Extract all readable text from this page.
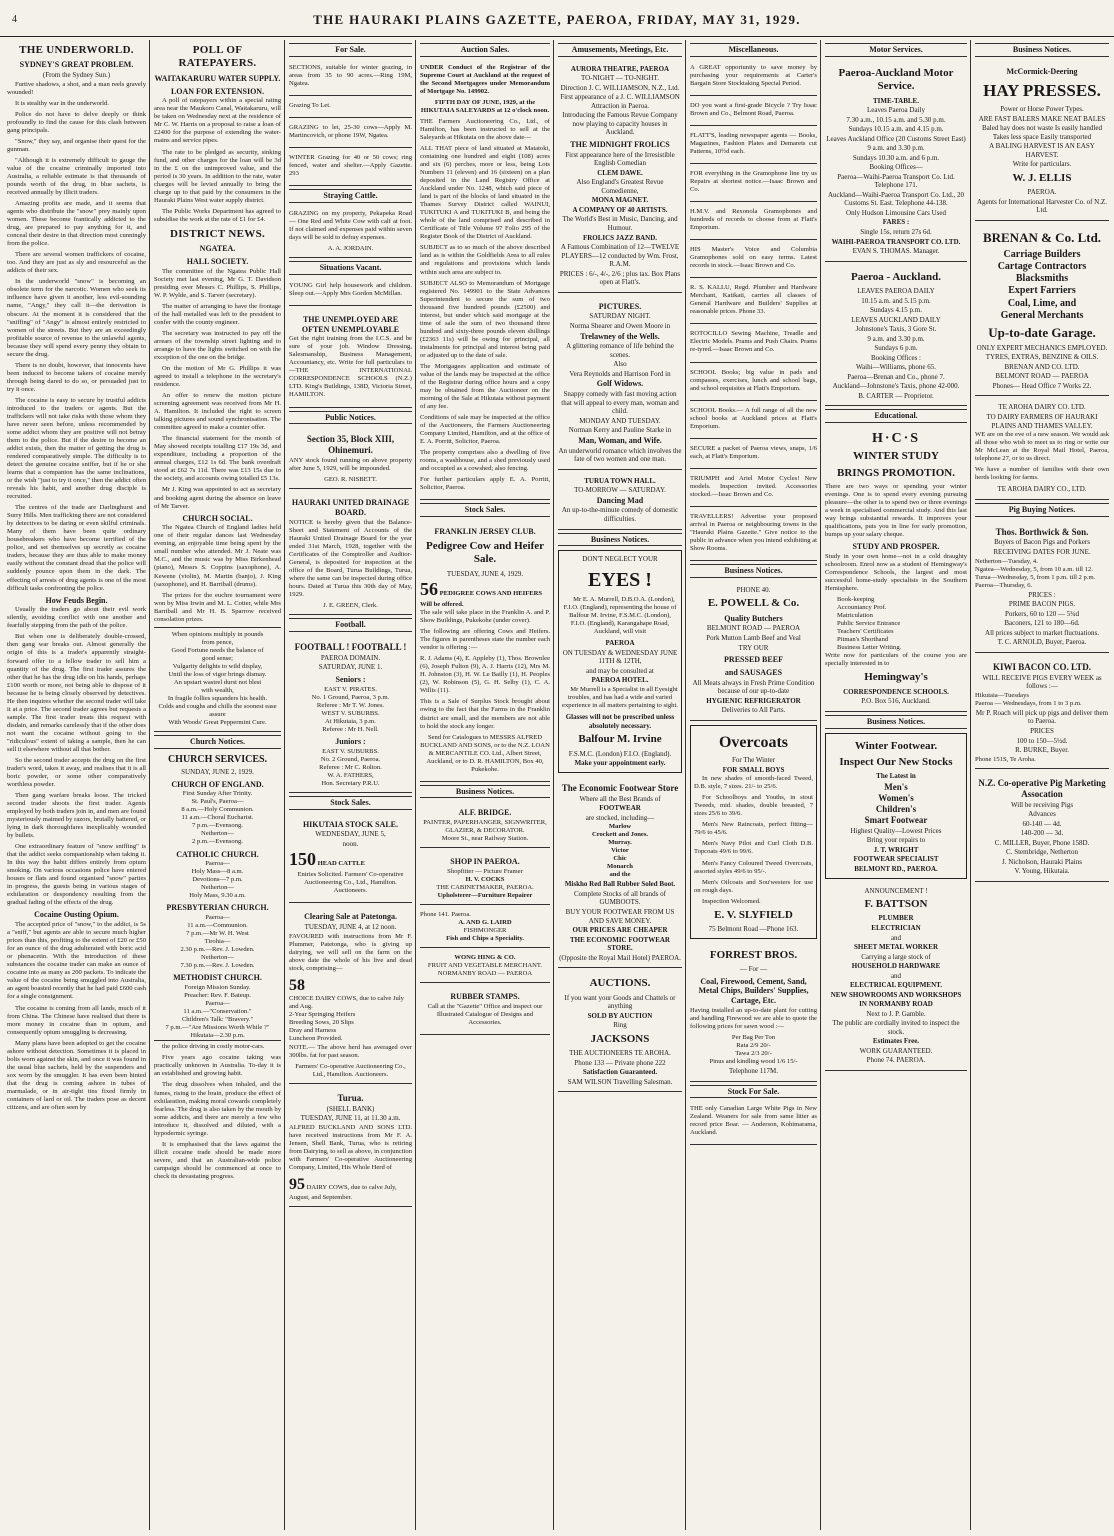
4	THE HAURAKI PLAINS GAZETTE, PAEROA, FRIDAY, MAY 31, 1929.
THE UNDERWORLD.
SYDNEY'S GREAT PROBLEM.
(From the Sydney Sun.)

Furtive shadows, a shot, and a man reels gravely wounded!

It is stealthy war in the underworld.

Police do not have to delve deeply or think profoundly to find the cause for this clash between gang principals.

"Snow," they say, and organise their quest for the gunman.

"Although it is extremely difficult to gauge the value of the cocaine criminally imported into Australia, a reliable estimate is that thousands of pounds worth of the drug, in blue sachets, is received annually by illicit traders.

Amazing profits are made, and it seems that agents who distribute the "snow" prey mainly upon women. These become frantically addicted to the drug, are prepared to pay anything for it, and conceal their desire in that direction most cunningly from the police.

There are several women traffickers of cocaine, too. And they are just as sly and resourceful as the addicts of their sex.

In the underworld "snow" is becoming an obsolete term for the narcotic. Women who seek its influence have given it another, less evil-sounding name, "Angy," they call it—the derivation is obscure. At the moment it is considered that the "sniffing" of "Angy" is almost entirely restricted to women of the streets. But they are an exceedingly profitable source of revenue to the unlawful agents, because they will spend every penny they obtain to secure the drug.

There is no doubt, however, that innocents have been induced to become takers of cocaine merely through being dared to do so, or persuaded just to try it once.

The cocaine is easy to secure by trustful addicts introduced to the traders or agents. But the traffickers will not take risks with those whom they have never seen before, unless recommended by some addict whom they are positive will not betray them to the police. But if the desire to become an addict exists, then the matter of getting the drug is rendered comparatively simple. The difficulty is to detect the genuine cocaine sniffer, but if he or she learns that a companion has the same inclinations, or the wish "just to try it once," then the addict often reveals his habit, and another drug disciple is recruited.

The centres of the trade are Darlinghurst and Surry Hills. Men trafficking there are not considered by detectives to be daring or even skilful criminals. Many of them have been quite ordinary housebreakers who have become terrified of the police, and set themselves up secretly as cocaine traders, because they are thus able to make money easily without the constant dread that the police will suddenly pounce upon them in the dark. The effecting of arrests of drug agents is one of the most difficult tasks confronting the police.

How Feuds Begin.

Usually the traders go about their evil work silently, avoiding conflict with one another and fearfully stepping from the path of the police.

But when one is deliberately double-crossed, then gang war breaks out. Almost generally the origin of this is a trader's apparently straight-forward offer to a fellow trader to sell him a quantity of the drug. The first trader assures the other that he has the drug idle on his hands, perhaps £100 worth or more, not being able to dispose of it because he is being closely observed by detectives. He then inquires whether the second trader will take it at a price. The second trader agrees but requests a sample. The first trader treats this request with disdain, and remarks carelessly that if the other does not want the cocaine without going to the "ridiculous" extent of taking a sample, then he can sell it elsewhere without all that bother.

So the second trader accepts the drug on the first trader's word, takes it away, and realises that it is all boric powder, or some other comparatively worthless powder.

Then gang warfare breaks loose. The tricked second trader shoots the first trader. Agents employed by both traders join in, and men are found mysteriously maimed by razors, brutally battered, or lying in dark thoroughfares inexplicably wounded by bullets.

One extraordinary feature of "snow sniffing" is that the addict seeks companionship when taking it. In this way the habit differs entirely from opium smoking. On various occasions police have entered houses or flats and found organised "snow" parties in progress, the guests being in various stages of exhilaration or despondency resulting from the gradual fading of the effects of the drug.

Cocaine Ousting Opium.

The accepted price of "snow," to the addict, is 5s a "sniff," but agents are able to secure much higher prices than this, profiting to the extent of £20 or £50 for an ounce of the drug adulterated with boric acid or phenacetin. With the introduction of these substances the cocaine trader can make an ounce of cocaine into as many as 200 packets. To indicate the value of the cocaine being smuggled into Australia, an agent boasted recently that he had paid £600 cash for a single consignment.

The cocaine is coming from all lands, much of it from China. The Chinese have realised that there is more money in cocaine than in opium, and consequently opium smuggling is decreasing.

Many plans have been adopted to get the cocaine ashore without detection. Sometimes it is placed in bolts worn against the skin, and once it was found in the usual blue sachets, held by the suspenders and sox worn by the smuggler. It has even been hinted that the drug is coming ashore in tubes of marmalade, or in air-tight tins fixed firmly in containers of lard or oil. The traders pose as decent citizens, and are often seen by

POLL OF RATEPAYERS.
WAITAKARURU WATER SUPPLY.
LOAN FOR EXTENSION.

A poll of ratepayers within a special rating area near the Maukoro Canal, Waitakaruru, will be taken on Wednesday next at the residence of Mr C. W. Harris on a proposal to raise a loan of £2400 for the purpose of extending the water-mains and service pipes.

The rate to be pledged as security, sinking fund, and other charges for the loan will be 3d in the £ on the unimproved value, and the period is 30 years. In addition to the rate, water charges will be levied annually to bring the charge up to that paid by the consumers in the Hauraki Plains West water supply district.

The Public Works Department has agreed to subsidise the work at the rate of £1 for £4.

DISTRICT NEWS.
NGATEA.
HALL SOCIETY.

The committee of the Ngatea Public Hall Society met last evening, Mr G. T. Davidson presiding over Messrs C. Phillips, S. Phillips, W. P. Wylde, and S. Tarver (secretary).

The matter of arranging to have the frontage of the hall metalled was left to the president to confer with the county engineer.

The secretary was instructed to pay off the arrears of the township street lighting and to arrange to have the lights switched on with the exception of the one on the bridge.

On the motion of Mr G. Phillips it was agreed to install a telephone in the secretary's residence.

An offer to renew the motion picture screening agreement was received from Mr H. A. Hamilton. It included the right to screen talking pictures and sound synchronisation. The committee agreed to make a counter offer.

The financial statement for the month of May showed receipts totalling £17 19s 3d, and expenditure, including a proportion of the annual charges, £12 1s 6d. The bank overdraft stood at £62 7s 11d. There was £13 15s due to the society, and accounts owing totalled £5 13s.

Mr J. King was appointed to act as secretary and booking agent during the absence on leave of Mr Tarver.

CHURCH SOCIAL.

The Ngatea Church of England ladies held one of their regular dances last Wednesday evening, an enjoyable time being spent by the small number who attended. Mr J. Neate was M.C., and the music was by Miss Birkenhead (piano), Messrs S. Coppins (saxophone), A. Kewene (violin), M. Martin (banjo), J. King (saxophone), and H. Barriball (drums).

The prizes for the euchre tournament were won by Miss Irwin and M. L. Cotter, while Mrs Barriball and Mr H. B. Sparrow received consolation prizes.

When opinions multiply in pounds
from pence,
Good Fortune needs the balance of
good sense;
Vulgarity delights to wild display,
Until the loss of vigor brings dismay.
An upstart wastrel durst not blest
with wealth,
In fragile follies squanders his health.
Colds and coughs and chills the soonest ease
assure
With Woods' Great Peppermint Cure.
Church Notices.
CHURCH SERVICES.
SUNDAY, JUNE 2, 1929.
CHURCH OF ENGLAND.
First Sunday After Trinity.
St. Paul's, Paeroa—
8 a.m.—Holy Communion.
11 a.m.—Choral Eucharist.
7 p.m.—Evensong.
Netherton—
2 p.m.—Evensong.
CATHOLIC CHURCH.
Paeroa—
Holy Mass—8 a.m.
Devotions—7 p.m.
Netherton—
Holy Mass, 9.30 a.m.
PRESBYTERIAN CHURCH.
Paeroa—
11 a.m.—Communion.
7 p.m.—Mr W. H. West
Tirohia—
2.30 p.m.—Rev. J. Lowden.
Netherton—
7.30 p.m.—Rev. J. Lowden.
METHODIST CHURCH.
Foreign Mission Sunday.
Preacher: Rev. F. Bateup.
Paeroa—
11 a.m.—"Conservation."
Children's Talk: "Bravery."
7 p.m.—"Are Missions Worth While ?"
Hikutaia—2.30 p.m.

the police driving in costly motor-cars.

Five years ago cocaine taking was practically unknown in Australia. To-day it is an established and growing habit.

The drug dissolves when inhaled, and the fumes, rising to the brain, produce the effect of exhilaration, making moral cowards completely fearless. The drug is also taken by the mouth by some addicts, and there are merely a few who introduce it, dissolved and diluted, with a hypodermic syringe.

It is emphasised that the laws against the illicit cocaine trade should be made more severe, and that an Australian-wide police campaign should be commenced at once to check its devastating progress.

For Sale.

SECTIONS, suitable for winter grazing, in areas from 35 to 90 acres.—Ring 19M, Ngatea.

Grazing To Let.

GRAZING to let, 25-30 cows—Apply M. Martincovich, or phone 19W, Ngatea.

WINTER Grazing for 40 or 50 cows; ring fenced, water and shelter.—Apply Gazette. 293

Straying Cattle.

GRAZING on my property, Pekapeka Road — One Red and White Cow with calf at foot. If not claimed and expenses paid within seven days will be sold to defray expenses.

A. A. JORDAIN.
Situations Vacant.

YOUNG Girl help housework and children. Sleep out.—Apply Mrs Gordon McMillan.

THE UNEMPLOYED ARE OFTEN UNEMPLOYABLE

Get the right training from the I.C.S. and be sure of your job. Window Dressing, Salesmanship, Business Management, Accountancy, etc. Write for full particulars to—THE INTERNATIONAL CORRESPONDENCE SCHOOLS (N.Z.) LTD. King's Buildings, 138D, Victoria Street, HAMILTON.

Public Notices.
Section 35, Block XIII, Ohinemuri.

ANY stock found running on above property after June 5, 1929, will be impounded.

GEO. R. NISBETT.
HAURAKI UNITED DRAINAGE BOARD.

NOTICE is hereby given that the Balance-Sheet and Statement of Accounts of the Hauraki United Drainage Board for the year ended 31st March, 1928, together with the Certificates of the Comptroller and Auditor-General, is deposited for inspection at the office of the Board, Turua Buildings, Turua, where the same can be inspected during office hours. Dated at Turua this 30th day of May, 1929.

J. E. GREEN, Clerk.
Football.
FOOTBALL ! FOOTBALL !
PAEROA DOMAIN.
SATURDAY, JUNE 1.
Seniors :
EAST V. PIRATES.
No. 1 Ground, Paeroa, 3 p.m.
Referee : Mr T. W. Jones.
WEST V. SUBURBS.
At Hikutaia, 3 p.m.
Referee : Mr H. Nell.
Juniors :
EAST V. SUBURBS.
No. 2 Ground, Paeroa.
Referee : Mr C. Rolton.
W. A. FATHERS,
Hon. Secretary P.R.U.
Stock Sales.
HIKUTAIA STOCK SALE.
WEDNESDAY, JUNE 5,
noon.
150 HEAD CATTLE

Entries Solicited. Farmers' Co-operative Auctioneering Co., Ltd., Hamilton. Auctioneers.

Clearing Sale at Patetonga.
TUESDAY, JUNE 4, at 12 noon.

FAVOURED with instructions from Mr F. Plummer, Patetonga, who is giving up dairying, we will sell on the farm on the above date the whole of his live and dead stock, comprising—

58
CHOICE DAIRY COWS, due to calve July and Aug.
2-Year Springing Heifers
Breeding Sows, 20 Slips
Dray and Harness
Luncheon Provided.

NOTE.— The above herd has averaged over 300lbs. fat for past season.

Farmers' Co-operative Auctioneering Co., Ltd., Hamilton. Auctioneers.
Turua.
(SHELL BANK)
TUESDAY, JUNE 11, at 11.30 a.m.

ALFRED BUCKLAND AND SONS LTD. have received instructions from Mr F. A. Jensen, Shell Bank, Turua, who is retiring from Dairying, to sell as above, in conjunction with Farmers' Co-operative Auctioneering Company, Limited, His Whole Herd of

95 DAIRY COWS, due to calve July, August, and September.
Auction Sales.

UNDER Conduct of the Registrar of the Supreme Court at Auckland at the request of the Second Mortgagees under Memorandum of Mortgage No. 149902.

FIFTH DAY OF JUNE, 1929, at the HIKUTAIA SALEYARDS at 12 o'clock noon.

THE Farmers Auctioneering Co., Ltd., of Hamilton, has been instructed to sell at the Saleyards at Hikutaia on the above date—

ALL THAT piece of land situated at Matatoki, containing one hundred and eight (108) acres and six (6) perches, more or less, being Lots Numbers 11 (eleven) and 16 (sixteen) on a plan deposited in the Land Registry Office at Auckland under No. 1248, which said piece of land is part of the blocks of land situated in the Thames Survey District called WAINUI, TUKITUKI A and TUKITUKI B, and being the whole of the land comprised and described in Certificate of Title Volume 97 Folio 295 of the Register Book of the District of Auckland.

SUBJECT as to so much of the above described land as is within the Goldfields Area to all rules and regulations and provisions which lands within such area are subject to.

SUBJECT ALSO to Memorandum of Mortgage registered No. 149901 to the State Advances Superintendent to secure the sum of two thousand five hundred pounds (£2500) and interest, but under which said mortgage at the time of sale the sum of two thousand three hundred and sixty-three pounds eleven shillings (£2363 11s) will be owing for principal, all instalments for principal and interest being paid or adjusted up to the date of sale.

The Mortgagees application and estimate of value of the lands may be inspected at the office of the Registrar during office hours and a copy may be obtained from the Auctioneer on the morning of the Sale at Hikutaia without payment of any fee.

Conditions of sale may be inspected at the office of the Auctioneers, the Farmers Auctioneering Company Limited, Hamilton, and at the office of E. A. Porritt, Solicitor, Paeroa.

The property comprises also a dwelling of five rooms, a washhouse, and a shed previously used and occupied as a cowshed; also fencing.

For further particulars apply E. A. Porritt, Solicitor, Paeroa.

Stock Sales.
FRANKLIN JERSEY CLUB.
Pedigree Cow and Heifer Sale.
TUESDAY, JUNE 4, 1929.
56 PEDIGREE COWS AND HEIFERS Will be offered.

The sale will take place in the Franklin A. and P. Show Buildings, Pukekohe (under cover).

The following are offering Cows and Heifers. The figures in parentheses state the number each vendor is offering :—

R. J. Adams (4), E. Appleby (1), Thos. Brownlee (6), Joseph Fulton (9), A. J. Harris (12), Mrs M. H. Johnston (3), H. W. Le Bailly (1), H. Peoples (2), W. Robinson (5), G. H. Selby (1), C. A. Willis (11).

This is a Sale of Surplus Stock brought about owing to the fact that the Farms in the Franklin district are small, and the members are not able to hold the stock any longer.

Send for Catalogues to MESSRS ALFRED BUCKLAND AND SONS, or to the N.Z. LOAN & MERCANTILE CO. Ltd., Albert Street, Auckland, or to D. R. HAMILTON, Box 40, Pukekohe.

Business Notices.
ALF. BRIDGE.
PAINTER, PAPERHANGER, SIGNWRITER, GLAZIER, & DECORATOR.
Moore St., near Railway Station.
SHOP IN PAEROA.
Shopfitter — Picture Framer
H. V. COCKS
THE CABINETMAKER, PAEROA.
Upholsterer—Furniture Repairer
Phone 141. Paeroa.
A. AND G. LAIRD
FISHMONGER
Fish and Chips a Speciality.
WONG HING & CO.
FRUIT AND VEGETABLE MERCHANT.
NORMANBY ROAD — PAEROA
RUBBER STAMPS.

Call at the "Gazette" Office and inspect our Illustrated Catalogue of Designs and Accessories.

Amusements, Meetings, Etc.
AURORA THEATRE, PAEROA
TO-NIGHT — TO-NIGHT.
Direction J. C. WILLIAMSON, N.Z., Ltd.
First appearance of a J. C. WILLIAMSON Attraction in Paeroa.
Introducing the Famous Revue Company now playing to capacity houses in Auckland.
THE MIDNIGHT FROLICS
First appearance here of the Irresistible English Comedian
CLEM DAWE.
Also England's Greatest Revue Comedienne,
MONA MAGNET.
A COMPANY OF 40 ARTISTS.
The World's Best in Music, Dancing, and Humour.
FROLICS JAZZ BAND.
A Famous Combination of 12—TWELVE PLAYERS—12 conducted by Wm. Frost, R.A.M.
PRICES : 6/-, 4/-, 2/6 ; plus tax. Box Plans open at Flatt's.
PICTURES.
SATURDAY NIGHT.
Norma Shearer and Owen Moore in
Trelawney of the Wells.
A glittering romance of life behind the scenes.
Also
Vera Reynolds and Harrison Ford in
Golf Widows.
Snappy comedy with fast moving action that will appeal to every man, woman and child.
MONDAY AND TUESDAY.
Norman Kerry and Pauline Starke in
Man, Woman, and Wife.
An underworld romance which involves the fate of two women and one man.
TURUA TOWN HALL.
TO-MORROW — SATURDAY.
Dancing Mad
An up-to-the-minute comedy of domestic difficulties.
Business Notices.
DON'T NEGLECT YOUR
EYES !

Mr E. A. Murrell, D.B.O.A. (London), F.I.O. (England), representing the house of Balfour M. Irvine, F.S.M.C. (London), F.I.O. (England), Karangahape Road, Auckland, will visit

PAEROA
ON TUESDAY & WEDNESDAY JUNE 11TH & 12TH,
and may be consulted at
PAEROA HOTEL.

Mr Murrell is a Specialist in all Eyesight troubles, and has had a wide and varied experience in all matters pertaining to sight.

Glasses will not be prescribed unless absolutely necessary.
Balfour M. Irvine
F.S.M.C. (London) F.I.O. (England).
Make your appointment early.
The Economic Footwear Store
Where all the Best Brands of
FOOTWEAR
are stocked, including—
Marlow
Crockett and Jones.
Murray.
Victor
Chic
Monarch
and the
Miskho Red Ball Rubber Soled Boot.
Complete Stocks of all brands of GUMBOOTS.
BUY YOUR FOOTWEAR FROM US AND SAVE MONEY.
OUR PRICES ARE CHEAPER
THE ECONOMIC FOOTWEAR STORE.
(Opposite the Royal Mail Hotel) PAEROA.
AUCTIONS.
If you want your Goods and Chattels or anything
SOLD BY AUCTION
Ring
JACKSONS
THE AUCTIONEERS TE AROHA.
Phone 133 — Private phone 222
Satisfaction Guaranteed.
SAM WILSON Travelling Salesman.
Miscellaneous.

A GREAT opportunity to save money by purchasing your requirements at Carter's Bargain Store Stocktaking Special Period.

DO you want a first-grade Bicycle ? Try Issac Brown and Co., Belmont Road, Paeroa.

FLATT'S, leading newspaper agents — Books, Magazines, Fashion Plates and Demarets cut Patterns, 10½d each.

FOR everything in the Gramophone line try us Repairs at shortest notice.—Isaac Brown and Co.

H.M.V. and Rexonola Gramophones and hundreds of records to choose from at Flatt's Emporium.

HIS Master's Voice and Columbia Gramophones sold on easy terms. Latest records in stock.—Isaac Brown and Co.

R. S. KALLU, Regd. Plumber and Hardware Merchant, Katikati, carries all classes of General Hardware and Builders' Supplies at reasonable prices. Phone 33.

ROTOCILLO Sewing Machine, Treadle and Electric Models. Prams and Push Chairs. Prams re-tyred.—Isaac Brown and Co.

SCHOOL Books; big value in pads and compasses, exercises, lunch and school bags, and school requisites at Flatt's Emporium.

SCHOOL Books.— A full range of all the new school books at Auckland prices at Flatt's Emporium.

SECURE a packet of Paeroa views, snaps, 1/6 each, at Flatt's Emporium.

TRIUMPH and Ariel Motor Cycles! New models. Inspection invited. Accessories stocked.—Issac Brown and Co.

TRAVELLERS! Advertise your proposed arrival in Paeroa or neighbouring towns in the "Hauraki Plains Gazette." Give notice to the public in advance when you intend exhibiting at Show Rooms.

Business Notices.
PHONE 40.
E. POWELL & Co.
Quality Butchers
BELMONT ROAD — PAEROA
Pork Mutton Lamb Beef and Veal
TRY OUR
PRESSED BEEF
and SAUSAGES
All Meats always in Fresh Prime Condition because of our up-to-date
HYGIENIC REFRIGERATOR
Deliveries to All Parts.
Overcoats
For The Winter
FOR SMALL BOYS

In new shades of smooth-faced Tweed, D.B. style, 7 sizes. 21/- to 25/6.

For Schoolboys and Youths, in stout Tweeds, mid. shades, double breasted, 7 sizes 25/6 to 39/6.

Men's New Raincoats, perfect fitting—79/6 to 45/6.

Men's Navy Pilot and Curl Cloth D.B. Topcoats 49/6 to 99/6.

Men's Fancy Coloured Tweed Overcoats, assorted styles 49/6 to 95/-.

Men's Oilcoats and Sou'westers for use on rough days.

Inspection Welcomed.

E. V. SLYFIELD
75 Belmont Road —Phone 163.
FORREST BROS.
— For —
Coal, Firewood, Cement, Sand, Metal Chips, Builders' Supplies, Cartage, Etc.

Having installed an up-to-date plant for cutting and handling Firewood we are able to quote the following prices for sawn wood :—

Per Bag Per Ton
Rata 2/9 20/-
Tawa 2/3 20/-
Pinus and kindling wood 1/6 15/-
Telephone 117M.
Stock For Sale.

THE only Canadian Large White Pigs in New Zealand. Weaners for sale from same litter as record price Boar. — Anderson, Kohimarama, Auckland.

Motor Services.
Paeroa-Auckland Motor Service.
TIME-TABLE.
Leaves Paeroa Daily
7.30 a.m., 10.15 a.m. and 5.30 p.m.
Sundays 10.15 a.m. and 4.15 p.m.
Leaves Auckland Office (20 Customs Street East)
9 a.m. and 3.30 p.m.
Sundays 10.30 a.m. and 6 p.m.
Booking Offices—
Paeroa—Waihi-Paeroa Transport Co. Ltd. Telephone 171.
Auckland—Waihi-Paeroa Transport Co. Ltd., 20 Customs St. East. Telephone 44-138.
Only Hudson Limousine Cars Used
FARES :
Single 15s, return 27s 6d.
WAIHI-PAEROA TRANSPORT CO. LTD.
EVAN S. THOMAS. Manager.
Paeroa - Auckland.
LEAVES PAEROA DAILY
10.15 a.m. and 5.15 p.m.
Sundays 4.15 p.m.
LEAVES AUCKLAND DAILY
Johnstone's Taxis, 3 Gore St.
9 a.m. and 3.30 p.m.
Sundays 6 p.m.
Booking Offices :
Waihi—Williams, phone 65.
Paeroa—Brenan and Co., phone 7.
Auckland—Johnstone's Taxis, phone 42-000.
B. CARTER — Proprietor.
Educational.
H·C·S
WINTER STUDY
BRINGS PROMOTION.

There are two ways or spending your winter evenings. One is to spend every evening pursuing pleasure—the other is to spend two or three evenings a week in specialised commercial study. And this last way brings substantial rewards. It improves your qualifications, puts you in line for early promotion, bumps up your salary cheque.

STUDY AND PROSPER.

Study in your own home—not in a cold draughty schoolroom. Enrol now as a student of Hemingway's Correspondence Schools, the largest and most successful home-study specialists in the Southern Hemisphere.

Book-keeping
Accountancy Prof.
Matriculation
Public Service Entrance
Teachers' Certificates
Pitman's Shorthand
Business Letter Writing.

Write now for particulars of the course you are specially interested in to

Hemingway's
CORRESPONDENCE SCHOOLS.
P.O. Box 516, Auckland.
Business Notices.
Winter Footwear.
Inspect Our New Stocks
The Latest in
Men's
Women's
Children's
Smart Footwear
Highest Quality—Lowest Prices
Bring your repairs to
J. T. WRIGHT
FOOTWEAR SPECIALIST
BELMONT RD., PAEROA.
ANNOUNCEMENT !
F. BATTSON
PLUMBER
ELECTRICIAN
and
SHEET METAL WORKER
Carrying a large stock of
HOUSEHOLD HARDWARE
and
ELECTRICAL EQUIPMENT.
NEW SHOWROOMS AND WORKSHOPS
IN NORMANBY ROAD
Next to J. P. Gamble.
The public are cordially invited to inspect the stock.
Estimates Free.
WORK GUARANTEED.
Phone 74. PAEROA.
Business Notices.
McCormick-Deering
HAY PRESSES.
Power or Horse Power Types.
ARE FAST BALERS MAKE NEAT BALES
Baled hay does not waste Is easily handled Takes less space Easily transported
A BALING HARVEST IS AN EASY HARVEST.
Write for particulars.
W. J. ELLIS
PAEROA.
Agents for International Harvester Co. of N.Z. Ltd.
BRENAN & Co. Ltd.
Carriage Builders
Cartage Contractors
Blacksmiths
Expert Farriers
Coal, Lime, and
General Merchants
Up-to-date Garage.
ONLY EXPERT MECHANICS EMPLOYED.
TYRES, EXTRAS, BENZINE & OILS.
BRENAN AND CO. LTD.
BELMONT ROAD — PAEROA
Phones— Head Office 7 Works 22.
TE AROHA DAIRY CO. LTD.
TO DAIRY FARMERS OF HAURAKI PLAINS AND THAMES VALLEY.

WE are on the eve of a new season. We would ask all those who wish to meet us to ring or write our Mr McLean at the Royal Mail Hotel, Paeroa, telephone 27, or to us direct.

We have a number of families with their own herds looking for farms.

TE AROHA DAIRY CO., LTD.
Pig Buying Notices.
Thos. Borthwick & Son.
Buyers of Bacon Pigs and Porkers
RECEIVING DATES FOR JUNE.
Netherton—Tuesday, 4.
Ngatea—Wednesday, 5, from 10 a.m. till 12.
Turua—Wednesday, 5, from 1 p.m. till 2 p.m.
Paeroa—Thursday, 6.
PRICES :
PRIME BACON PIGS.
Porkers, 60 to 120 — 5¾d
Baconers, 121 to 180—6d.
All prices subject to market fluctuations.
T. C. ARNOLD, Buyer, Paeroa.
KIWI BACON CO. LTD.
WILL RECEIVE PIGS EVERY WEEK as follows :—
Hikutaia—Tuesdays
Paeroa — Wednesdays, from 1 to 3 p.m.
Mr P. Roach will pick up pigs and deliver them to Paeroa.
PRICES
100 to 150—5½d.
R. BURKE, Buyer.
Phone 151S, Te Aroha.
N.Z. Co-operative Pig Marketing Assocation
Will be receiving Pigs
Advances
60-140 — 4d.
140-200 — 3d.
C. MILLER, Buyer, Phone 158D.
C. Stembridge, Netherton
J. Nicholson, Hauraki Plains
V. Young, Hikutaia.
